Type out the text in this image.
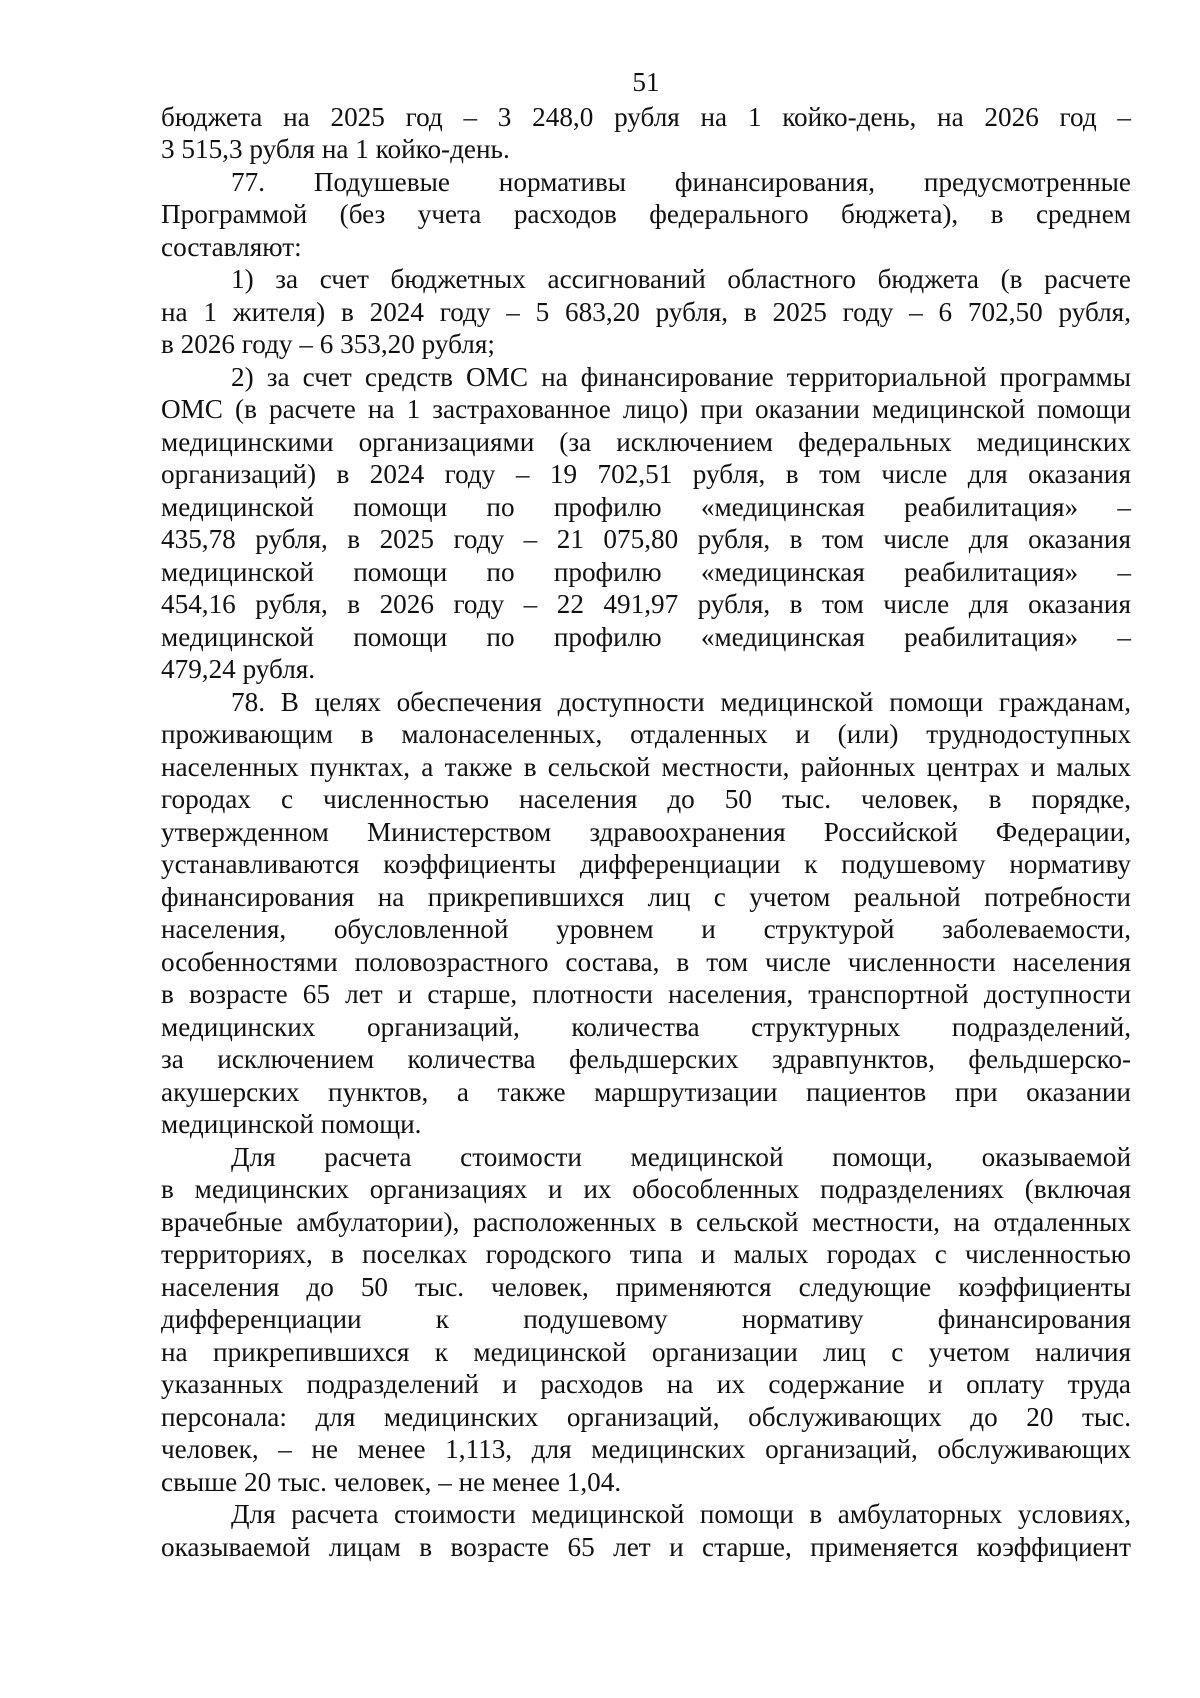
51
бюджета на 2025 год – 3 248,0 рубля на 1 койко-день, на 2026 год –
3 515,3 рубля на 1 койко-день.
77. Подушевые нормативы финансирования, предусмотренные
Программой (без учета расходов федерального бюджета), в среднем
составляют:
1) за счет бюджетных ассигнований областного бюджета (в расчете
на 1 жителя) в 2024 году – 5 683,20 рубля, в 2025 году – 6 702,50 рубля,
в 2026 году – 6 353,20 рубля;
2) за счет средств ОМС на финансирование территориальной программы
ОМС (в расчете на 1 застрахованное лицо) при оказании медицинской помощи
медицинскими организациями (за исключением федеральных медицинских
организаций) в 2024 году – 19 702,51 рубля, в том числе для оказания
медицинской помощи по профилю «медицинская реабилитация» –
435,78 рубля, в 2025 году – 21 075,80 рубля, в том числе для оказания
медицинской помощи по профилю «медицинская реабилитация» –
454,16 рубля, в 2026 году – 22 491,97 рубля, в том числе для оказания
медицинской помощи по профилю «медицинская реабилитация» –
479,24 рубля.
78. В целях обеспечения доступности медицинской помощи гражданам,
проживающим в малонаселенных, отдаленных и (или) труднодоступных
населенных пунктах, а также в сельской местности, районных центрах и малых
городах с численностью населения до 50 тыс. человек, в порядке,
утвержденном Министерством здравоохранения Российской Федерации,
устанавливаются коэффициенты дифференциации к подушевому нормативу
финансирования на прикрепившихся лиц с учетом реальной потребности
населения, обусловленной уровнем и структурой заболеваемости,
особенностями половозрастного состава, в том числе численности населения
в возрасте 65 лет и старше, плотности населения, транспортной доступности
медицинских организаций, количества структурных подразделений,
за исключением количества фельдшерских здравпунктов, фельдшерско-
акушерских пунктов, а также маршрутизации пациентов при оказании
медицинской помощи.
Для расчета стоимости медицинской помощи, оказываемой
в медицинских организациях и их обособленных подразделениях (включая
врачебные амбулатории), расположенных в сельской местности, на отдаленных
территориях, в поселках городского типа и малых городах с численностью
населения до 50 тыс. человек, применяются следующие коэффициенты
дифференциации к подушевому нормативу финансирования
на прикрепившихся к медицинской организации лиц с учетом наличия
указанных подразделений и расходов на их содержание и оплату труда
персонала: для медицинских организаций, обслуживающих до 20 тыс.
человек, – не менее 1,113, для медицинских организаций, обслуживающих
свыше 20 тыс. человек, – не менее 1,04.
Для расчета стоимости медицинской помощи в амбулаторных условиях,
оказываемой лицам в возрасте 65 лет и старше, применяется коэффициент
